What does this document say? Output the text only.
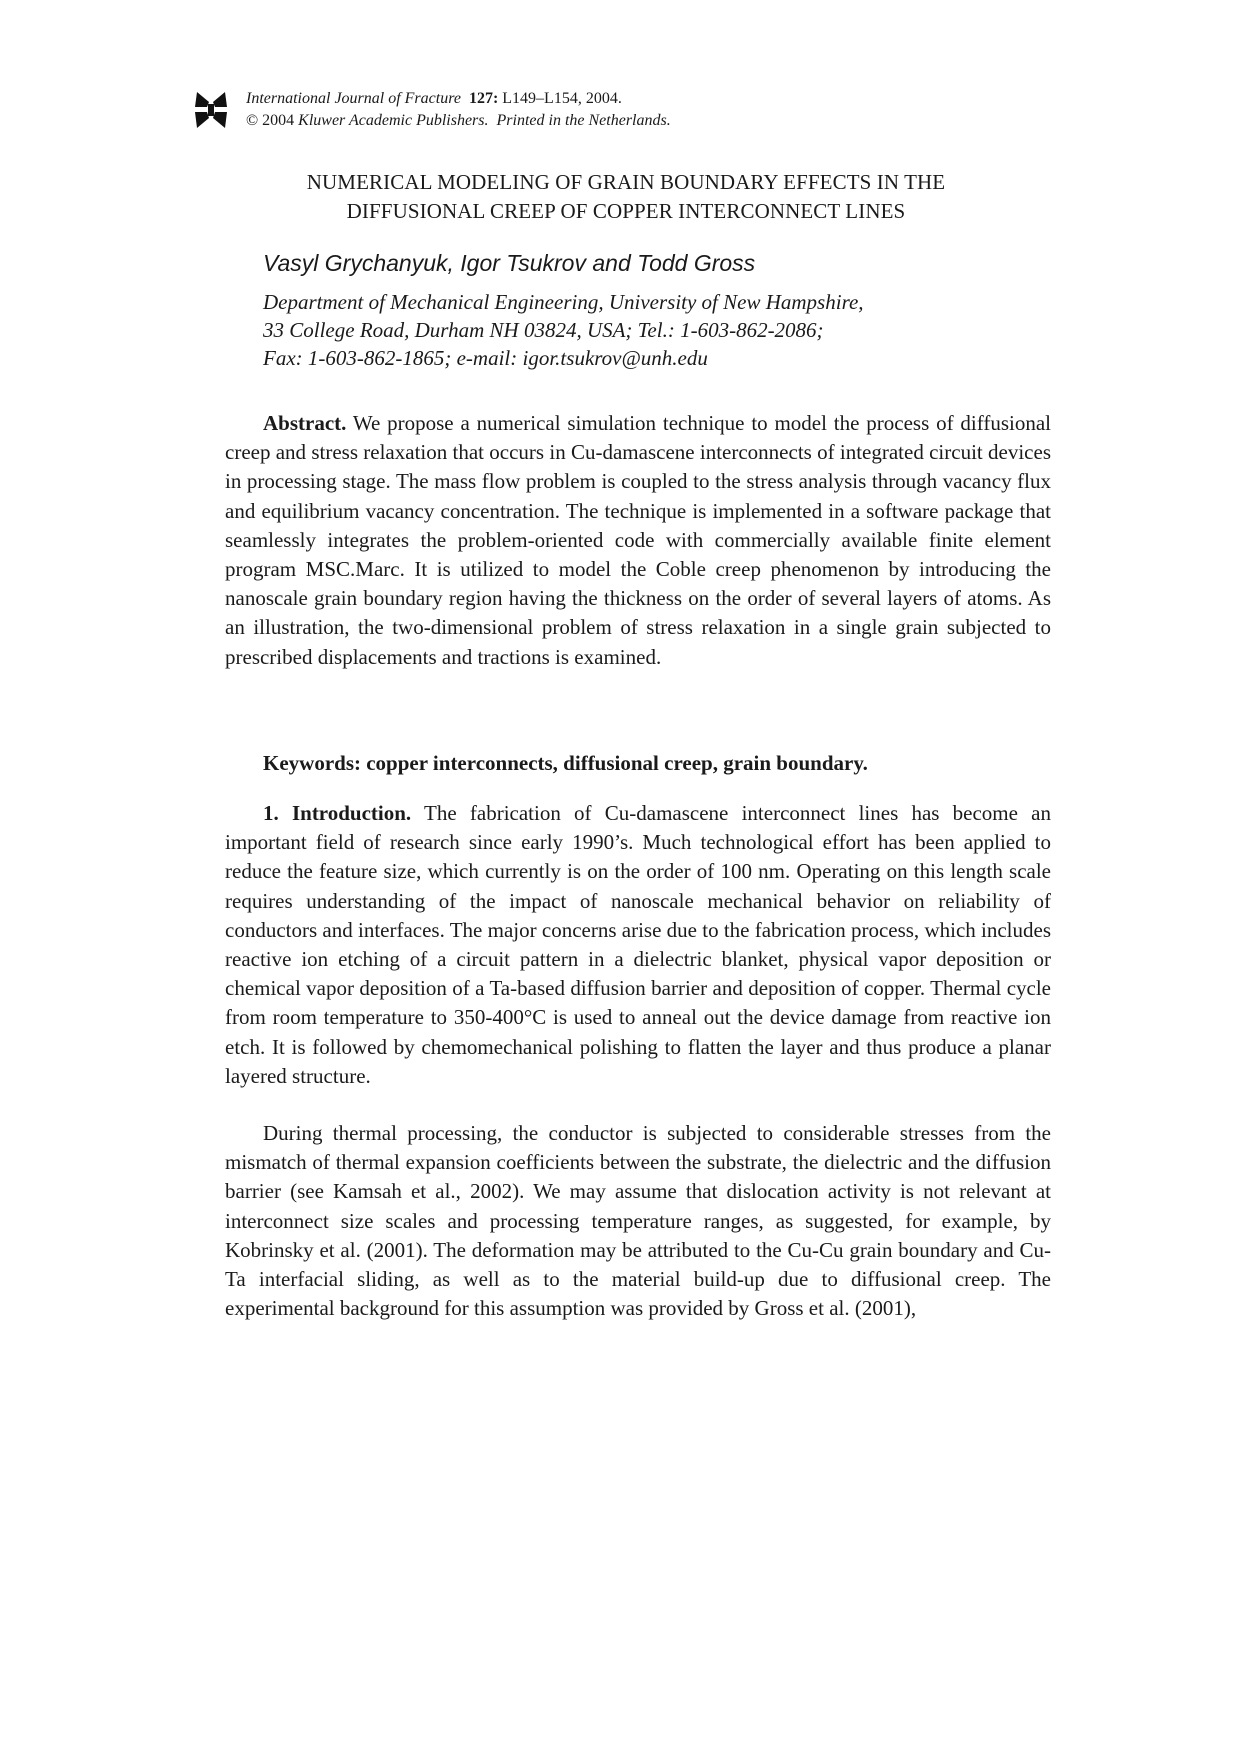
International Journal of Fracture 127: L149–L154, 2004.
© 2004 Kluwer Academic Publishers. Printed in the Netherlands.
NUMERICAL MODELING OF GRAIN BOUNDARY EFFECTS IN THE
DIFFUSIONAL CREEP OF COPPER INTERCONNECT LINES
Vasyl Grychanyuk, Igor Tsukrov and Todd Gross
Department of Mechanical Engineering, University of New Hampshire,
33 College Road, Durham NH 03824, USA; Tel.: 1-603-862-2086;
Fax: 1-603-862-1865; e-mail: igor.tsukrov@unh.edu

Abstract. We propose a numerical simulation technique to model the process of diffusional creep and stress relaxation that occurs in Cu-damascene interconnects of integrated circuit devices in processing stage. The mass flow problem is coupled to the stress analysis through vacancy flux and equilibrium vacancy concentration. The technique is implemented in a software package that seamlessly integrates the problem-oriented code with commercially available finite element program MSC.Marc. It is utilized to model the Coble creep phenomenon by introducing the nanoscale grain boundary region having the thickness on the order of several layers of atoms. As an illustration, the two-dimensional problem of stress relaxation in a single grain subjected to prescribed displacements and tractions is examined.

Keywords: copper interconnects, diffusional creep, grain boundary.

1. Introduction. The fabrication of Cu-damascene interconnect lines has become an important field of research since early 1990’s. Much technological effort has been applied to reduce the feature size, which currently is on the order of 100 nm. Operating on this length scale requires understanding of the impact of nanoscale mechanical behavior on reliability of conductors and interfaces. The major concerns arise due to the fabrication process, which includes reactive ion etching of a circuit pattern in a dielectric blanket, physical vapor deposition or chemical vapor deposition of a Ta-based diffusion barrier and deposition of copper. Thermal cycle from room temperature to 350-400°C is used to anneal out the device damage from reactive ion etch. It is followed by chemomechanical polishing to flatten the layer and thus produce a planar layered structure.

During thermal processing, the conductor is subjected to considerable stresses from the mismatch of thermal expansion coefficients between the substrate, the dielectric and the diffusion barrier (see Kamsah et al., 2002). We may assume that dislocation activity is not relevant at interconnect size scales and processing temperature ranges, as suggested, for example, by Kobrinsky et al. (2001). The deformation may be attributed to the Cu-Cu grain boundary and Cu-Ta interfacial sliding, as well as to the material build-up due to diffusional creep. The experimental background for this assumption was provided by Gross et al. (2001),
